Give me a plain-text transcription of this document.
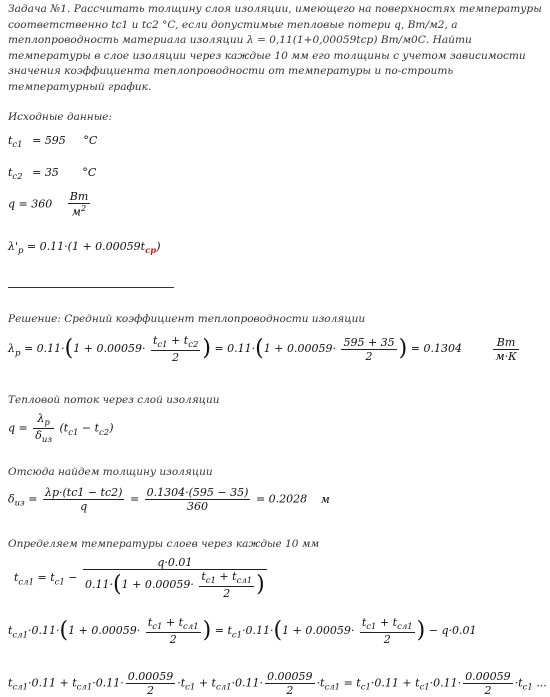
Задача №1. Рассчитать толщину слоя изоляции, имеющего на поверхностях температуры соответственно tc1 и tc2 °C, если допустимые тепловые потери q, Вт/м2, а теплопроводность материала изоляции λ = 0,11(1+0,00059tср) Вт/м0С. Найти температуры в слое изоляции через каждые 10 мм его толщины с учетом зависимости значения коэффициента теплопроводности от температуры и по-строить температурный график.
Исходные данные:
$t_{c1} = 595$ °C
$t_{c2} = 35$ °C
$q = 360 \frac{Вт}{м^2}$
$\lambda'_p = 0.11\cdot(1 + 0.00059t_{ср})$
Решение: Средний коэффициент теплопроводности изоляции
$\lambda_p = 0.11\cdot(1 + 0.00059\cdot \frac{t_{c1} + t_{c2}}{2}$ ) = $0.11\cdot(1 + 0.00059\cdot \frac{595 + 35}{2}$ ) = 0.1304	$\frac{Вт}{м\cdot К}$
Тепловой поток через слой изоляции
$q = \frac{\lambda_p}{\delta_{из}} (t_{c1} - t_{c2})$
Отсюда найдем толщину изоляции
$\delta_{из} = \frac{\lambda p\cdot(tc1 - tc2)}{q} = \frac{0.1304\cdot(595 - 35)}{360} = 0.2028$ м
Определяем температуры слоев через каждые 10 мм
$t_{сл1} = t_{c1}$ −
q·0.01
$0.11\cdot(1 + 0.00059\cdot \frac{t_{c1} + t_{сл1}}{2}$ )
$t_{сл1}\cdot 0.11\cdot(1 + 0.00059\cdot \frac{t_{c1} + t_{сл1}}{2}$ ) = $t_{c1}\cdot 0.11\cdot(1 + 0.00059\cdot \frac{t_{c1} + t_{сл1}}{2}$ ) − q·0.01
$t_{сл1}\cdot 0.11 + t_{сл1}\cdot 0.11\cdot \frac{0.00059}{2} \cdot t_{c1} + t_{сл1}\cdot 0.11\cdot \frac{0.00059}{2} \cdot t_{сл1} = t_{c1}\cdot 0.11 + t_{c1}\cdot 0.11\cdot \frac{0.00059}{2} \cdot t_{c1}$ ...
